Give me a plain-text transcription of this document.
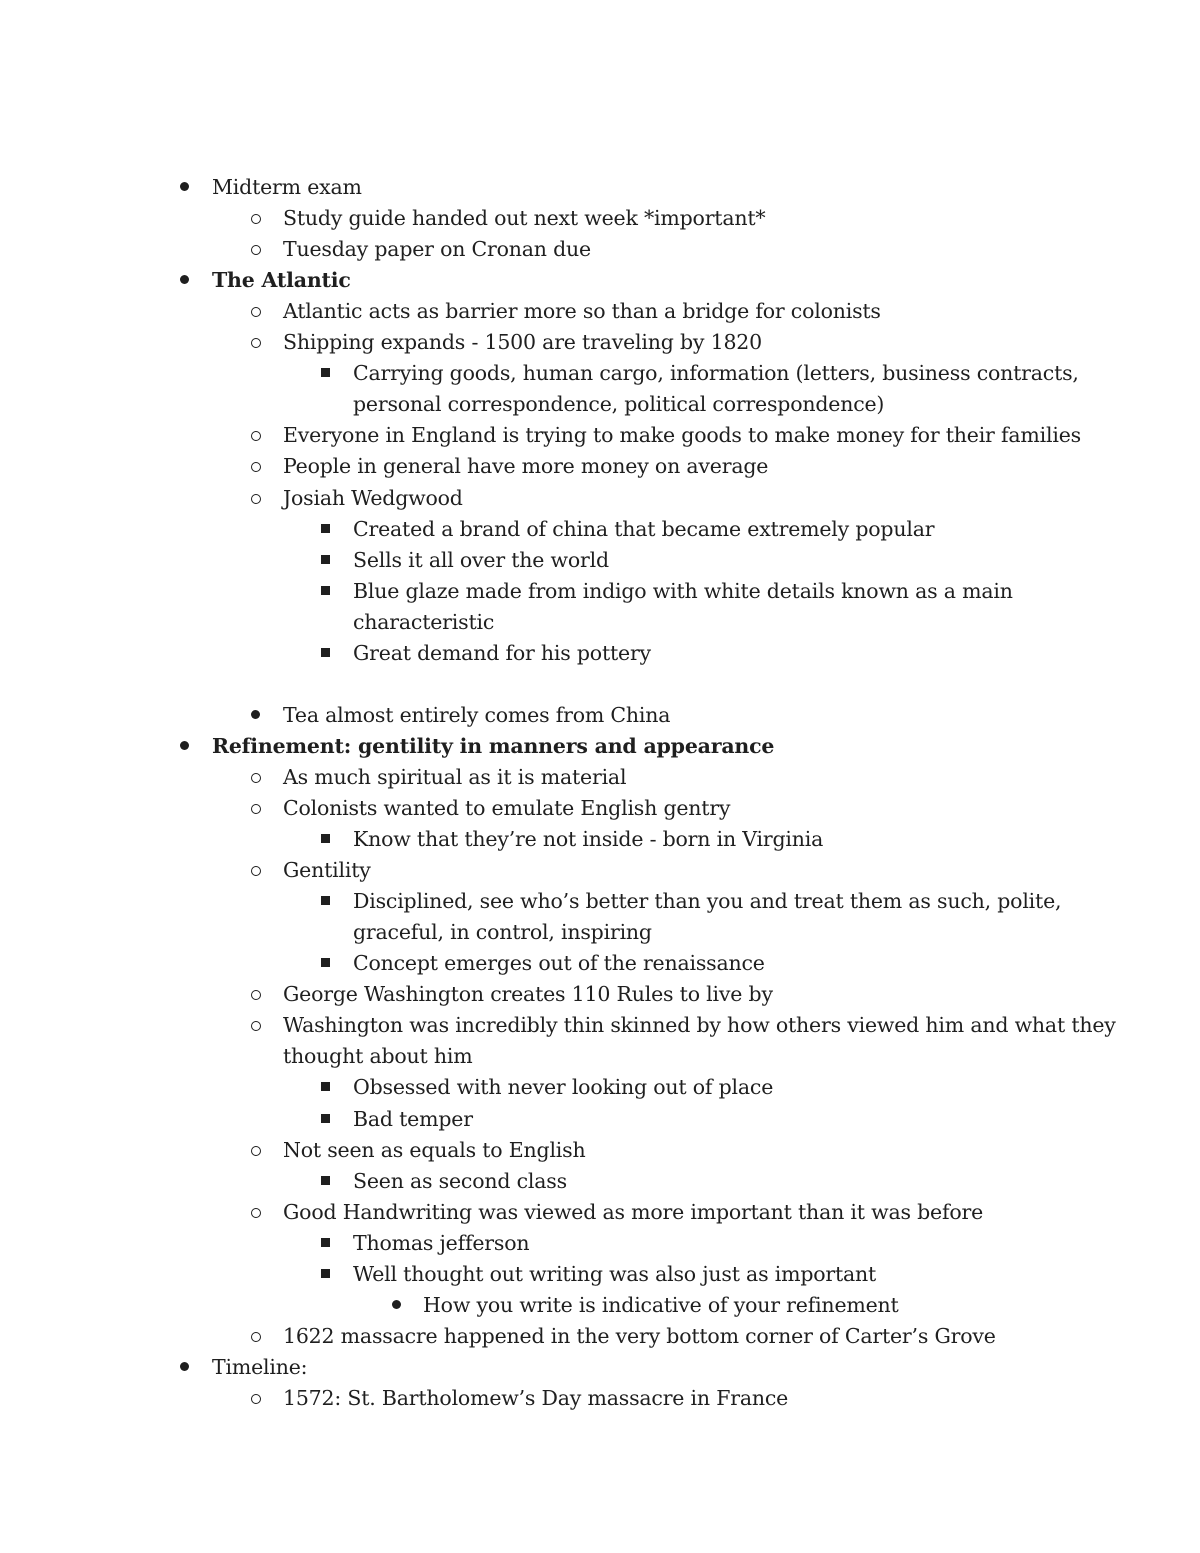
Midterm exam
Study guide handed out next week *important*
Tuesday paper on Cronan due
The Atlantic
Atlantic acts as barrier more so than a bridge for colonists
Shipping expands - 1500 are traveling by 1820
Carrying goods, human cargo, information (letters, business contracts,
personal correspondence, political correspondence)
Everyone in England is trying to make goods to make money for their families
People in general have more money on average
Josiah Wedgwood
Created a brand of china that became extremely popular
Sells it all over the world
Blue glaze made from indigo with white details known as a main
characteristic
Great demand for his pottery
Tea almost entirely comes from China
Refinement: gentility in manners and appearance
As much spiritual as it is material
Colonists wanted to emulate English gentry
Know that they’re not inside - born in Virginia
Gentility
Disciplined, see who’s better than you and treat them as such, polite,
graceful, in control, inspiring
Concept emerges out of the renaissance
George Washington creates 110 Rules to live by
Washington was incredibly thin skinned by how others viewed him and what they
thought about him
Obsessed with never looking out of place
Bad temper
Not seen as equals to English
Seen as second class
Good Handwriting was viewed as more important than it was before
Thomas jefferson
Well thought out writing was also just as important
How you write is indicative of your refinement
1622 massacre happened in the very bottom corner of Carter’s Grove
Timeline:
1572: St. Bartholomew’s Day massacre in France
